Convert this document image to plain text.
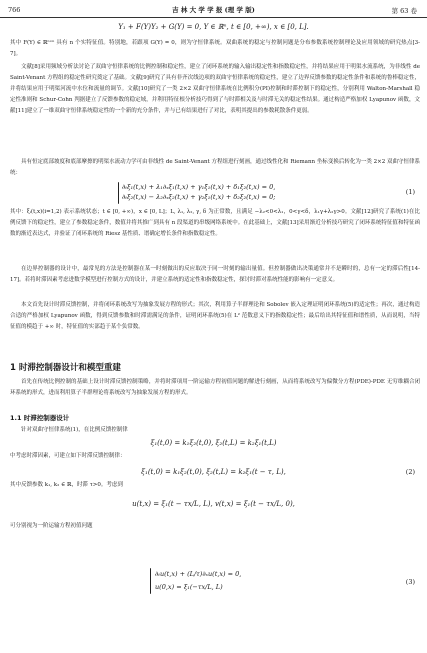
766	吉 林 大 学 学 报 (理 学 版)	第 63 卷
Y₁ + F(Y)Y₂ + G(Y) = 0, Y ∈ ℝⁿ, t ∈ [0, +∞), x ∈ [0, L].

其中 F(Y) ∈ ℝⁿˣⁿ 具有 n 个实特征值。特别地，若跟项 G(Y) = 0，则为守恒律系统。双曲系统的稳定与控制问题是分布参数系统控制理论及应用领域的研究热点[3-7]。

文献[8]采用频域分析法讨论了双曲守恒律系统的比例控制和稳定性，建立了闭环系统的输入输出稳定性和指数稳定性，并将结果应用于明渠水流系统，为非线性 de Saint-Venant 方程组的稳定性研究奠定了基础。文献[9]研究了具有非齐次线边项的双曲守恒律系统的稳定性，建立了边界反馈参数的稳定性条件和系统的鲁棒稳定性，并将结果应用于明渠河流中水位和流量的调节。文献[10]研究了一类 2×2 双曲守恒律系统在比例积分(PI)控制和时滞控制下的稳定性，分别利用 Walton-Marshall 稳定性准则和 Schur-Cohn 判据建立了反馈参数的稳定域，并利用特征根分析技巧得到了与时滞相关及与时滞无关的稳定性结果。通过构造严格加权 Lyapunov 函数，文献[11]建立了一维双曲守恒律系统稳定性的一个新的充分条件，并与已有结果进行了对比，表明其提出的参数耗散条件更弱。

具有恒定底部坡度和底部摩擦的明渠水流动力学可由非线性 de Saint-Venant 方程组进行刻画，通过线性化和 Riemann 坐标变换后转化为一类 2×2 双曲守恒律系统：

∂ₜξ₁(t,x) + λ₁∂ₓξ₁(t,x) + γ₁ξ₁(t,x) + δ₁ξ₂(t,x) = 0,
∂ₜξ₂(t,x) − λ₂∂ₓξ₂(t,x) + γ₂ξ₁(t,x) + δ₂ξ₂(t,x) = 0;
(1)

其中：ξᵢ(t,x)(i=1,2) 表示系统状态；t ∈ [0, +∞)，x ∈ [0, L]；L, λ₁, λ₂, γ, δ 为正常数，且满足 −λ₂<0<λ₁，0<γ<δ，λ₁γ+λ₂γ>0。文献[12]研究了系统(1)在比例反馈下的稳定性，建立了参数稳定条件，数值并将其推广到具有 n 段渠道的串级网络系统中。在此基础上，文献[13]采用渐近分析技巧研究了闭环系统特征值和特征函数的渐近表达式，并验证了闭环系统的 Riesz 基性质、谱确定增长条件和指数稳定性。

在边界控制器的设计中，最常见的方法是控制器在某一时刻做出的反应取决于同一时刻的输出量值。但控制器做出决策通常并不是瞬时的，总有一定的滞后性[14-17]。若将时滞因素考虑进数学模型进行控制方式的设计，并建立系统的适定性和指数稳定性，探讨时滞对系统性能的影响有一定意义。

本文首先设计时滞反馈控制，并将闭环系统改写为抽象发展方程的形式；其次，利用算子半群理论和 Sobolev 嵌入定理证明闭环系统(5)的适定性；再次，通过构造合适的严格加权 Lyapunov 函数，得到反馈参数和时滞需满足的条件，证明闭环系统(5)在 L² 范数意义下的指数稳定性；最后给出其特征值和谱性质，从而说明，当特征值的模趋于 +∞ 时，特征值的实部趋于某个负常数。

1 时滞控制器设计和模型重建

首先在传统比例控制的基础上设计时滞反馈控制策略，并将时滞项用一阶运输方程初值问题的解进行刻画，从而将系统改写为偏微分方程(PDE)-PDE 无穷维耦合闭环系统的形式，进而利用算子半群理论将系统改写为抽象发展方程的形式。

1.1 时滞控制器设计

针对双曲守恒律系统(1)，在比例反馈控制律

ξ₁(t,0) = k₁ξ₂(t,0), ξ₂(t,L) = k₂ξ₁(t,L)

中考虑时滞因素，可建立如下时滞反馈控制律：

ξ₁(t,0) = k₁ξ₂(t,0), ξ₂(t,L) = k₂ξ₁(t − τ, L),	(2)

其中反馈参数 k₁, k₂ ∈ ℝ，时滞 τ>0。考虑到

u(t,x) = ξ₁(t − τx/L, L), v(t,x) = ξ₁(t − τx/L, 0),

可分别视为一阶运输方程初值问题

∂ₜu(t,x) + (L/τ)∂ₓu(t,x) = 0,
u(0,x) = ξ₁(−τx/L, L)
(3)
